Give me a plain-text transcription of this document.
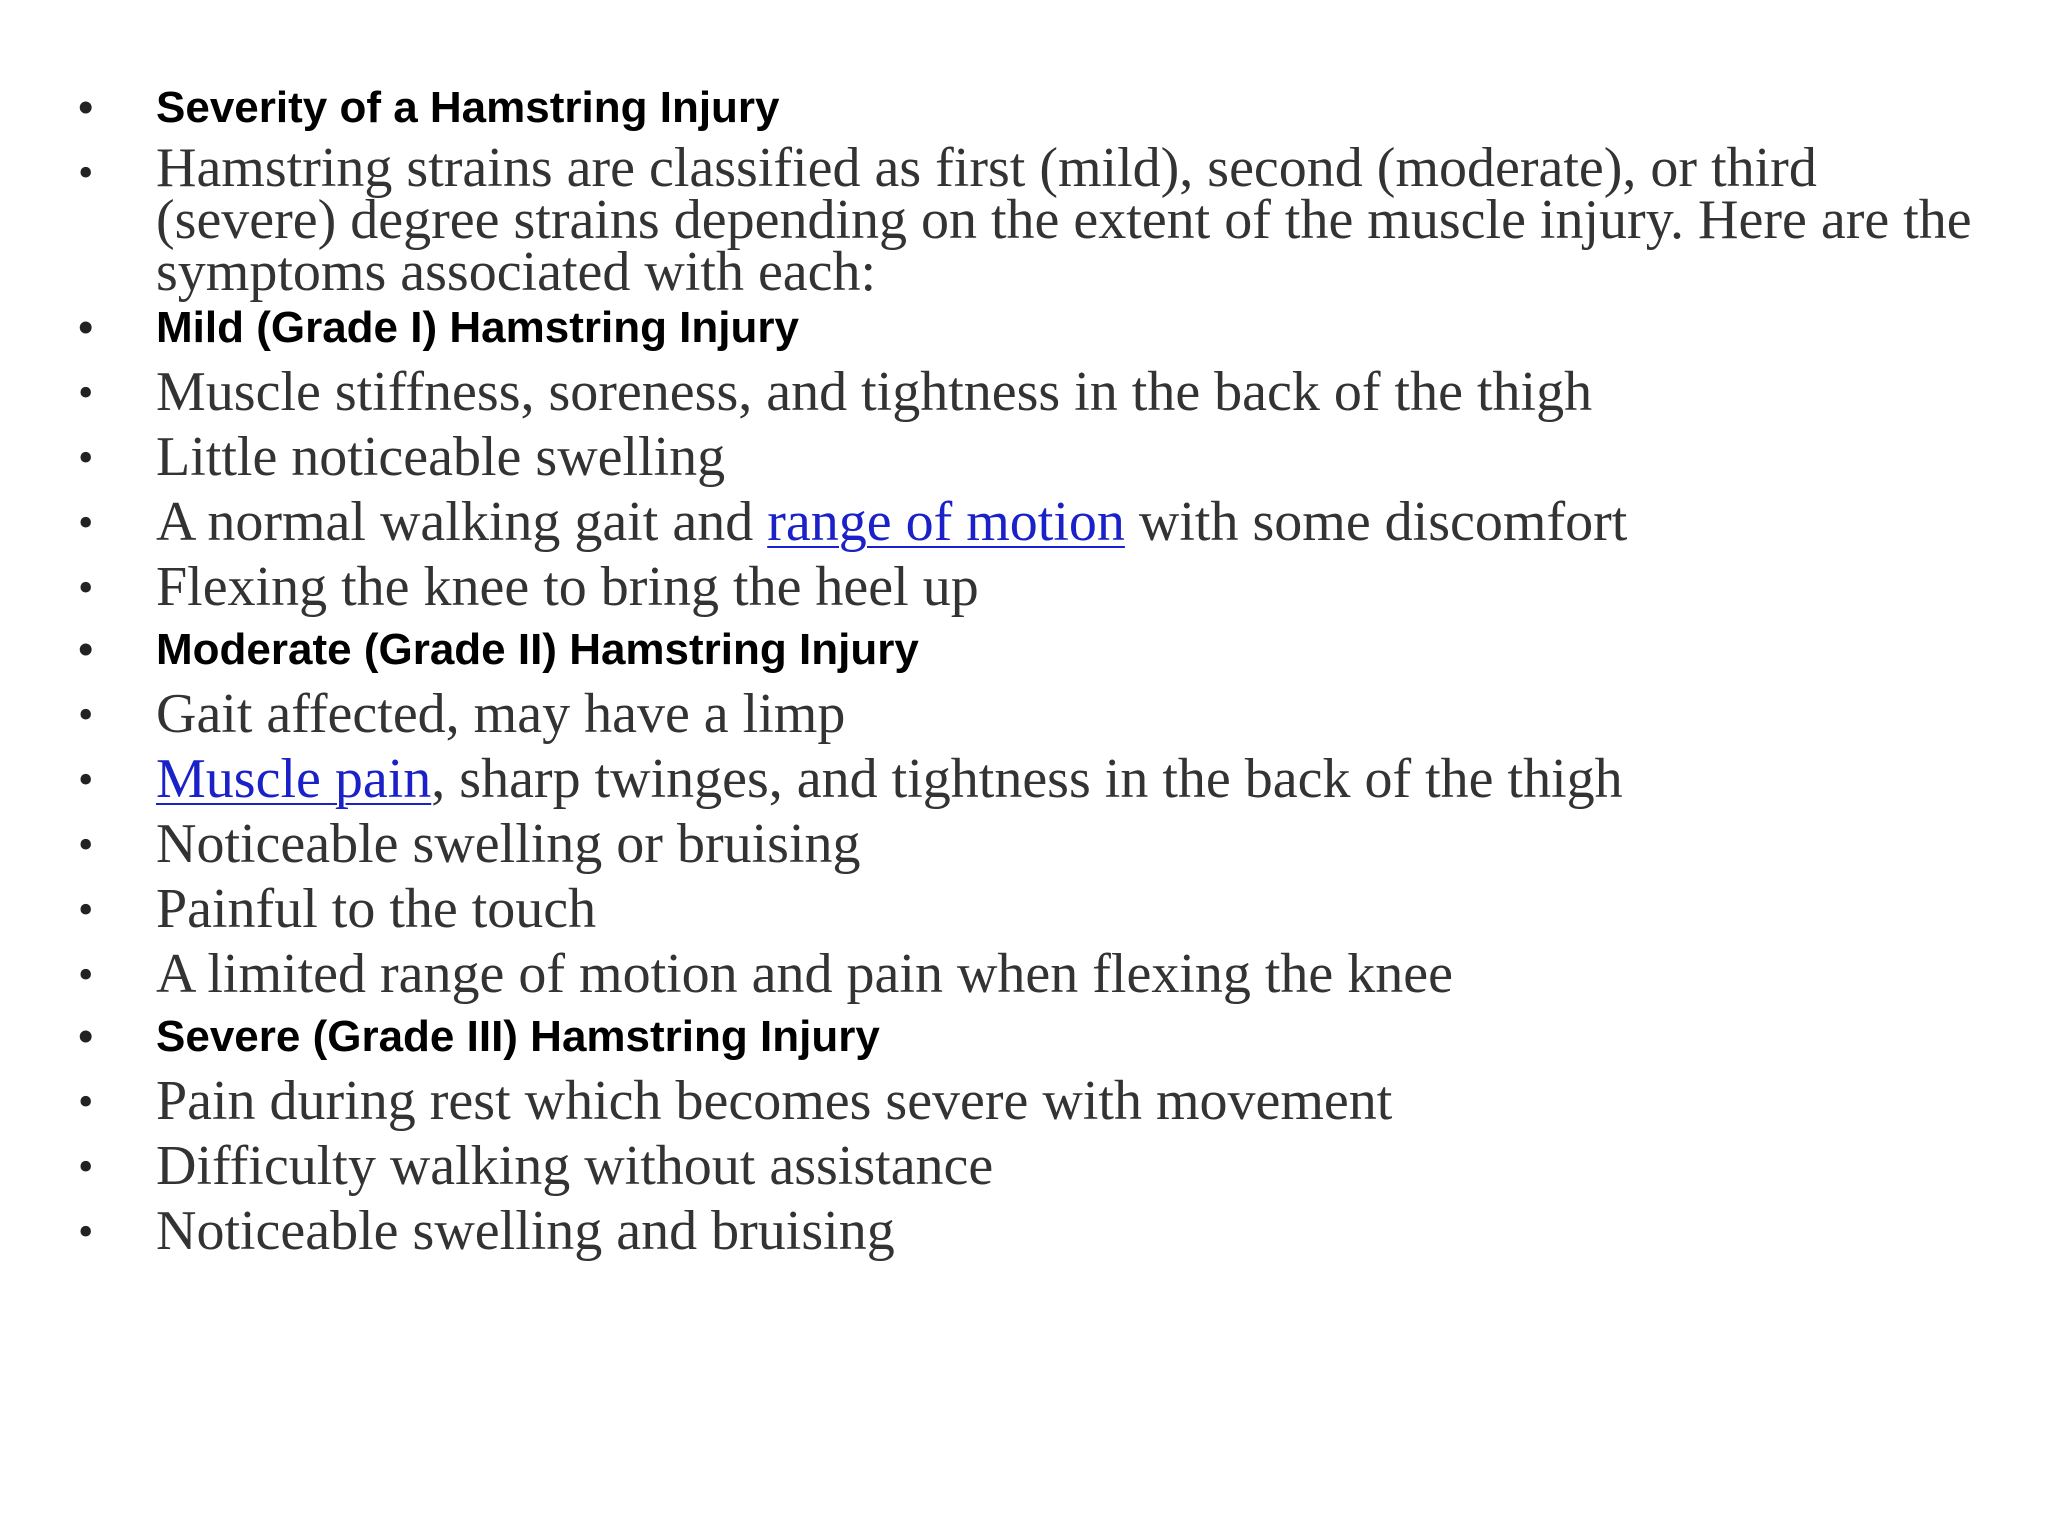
• Severity of a Hamstring Injury
• Hamstring strains are classified as first (mild), second (moderate), or third (severe) degree strains depending on the extent of the muscle injury. Here are the symptoms associated with each:
• Mild (Grade I) Hamstring Injury
• Muscle stiffness, soreness, and tightness in the back of the thigh
• Little noticeable swelling
• A normal walking gait and range of motion with some discomfort
• Flexing the knee to bring the heel up
• Moderate (Grade II) Hamstring Injury
• Gait affected, may have a limp
• Muscle pain, sharp twinges, and tightness in the back of the thigh
• Noticeable swelling or bruising
• Painful to the touch
• A limited range of motion and pain when flexing the knee
• Severe (Grade III) Hamstring Injury
• Pain during rest which becomes severe with movement
• Difficulty walking without assistance
• Noticeable swelling and bruising
